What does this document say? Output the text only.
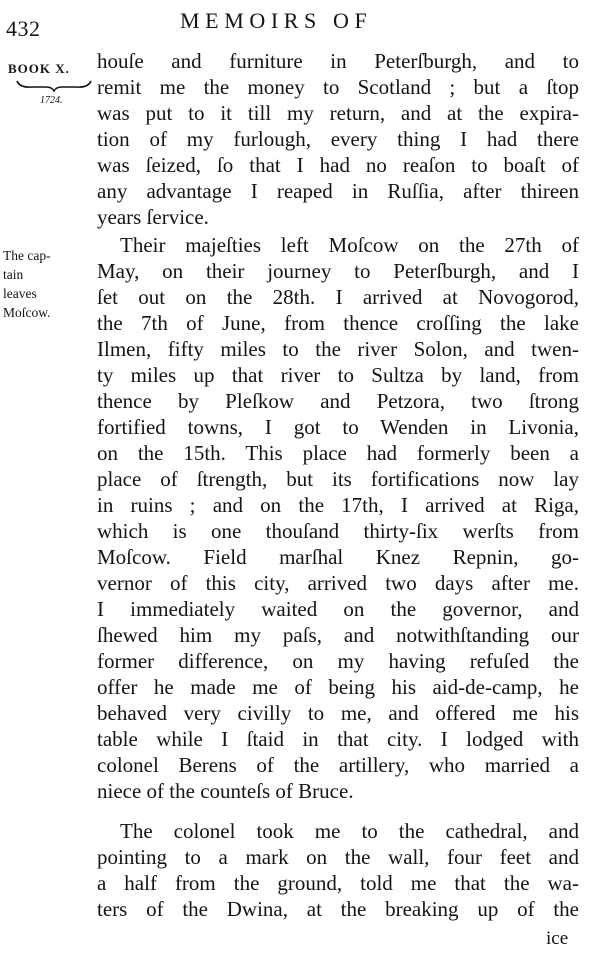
432	MEMOIRS OF
BOOK X.
1724.
The cap-
tain
leaves
Moſcow.
houſe and furniture in Peterſburgh, and to
remit me the money to Scotland ; but a ſtop
was put to it till my return, and at the expira-
tion of my furlough, every thing I had there
was ſeized, ſo that I had no reaſon to boaſt of
any advantage I reaped in Ruſſia, after thireen
years ſervice.
Their majeſties left Moſcow on the 27th of
May, on their journey to Peterſburgh, and I
ſet out on the 28th. I arrived at Novogorod,
the 7th of June, from thence croſſing the lake
Ilmen, fifty miles to the river Solon, and twen-
ty miles up that river to Sultza by land, from
thence by Pleſkow and Petzora, two ſtrong
fortified towns, I got to Wenden in Livonia,
on the 15th. This place had formerly been a
place of ſtrength, but its fortifications now lay
in ruins ; and on the 17th, I arrived at Riga,
which is one thouſand thirty-ſix werſts from
Moſcow. Field marſhal Knez Repnin, go-
vernor of this city, arrived two days after me.
I immediately waited on the governor, and
ſhewed him my paſs, and notwithſtanding our
former difference, on my having refuſed the
offer he made me of being his aid-de-camp, he
behaved very civilly to me, and offered me his
table while I ſtaid in that city. I lodged with
colonel Berens of the artillery, who married a
niece of the counteſs of Bruce.
The colonel took me to the cathedral, and
pointing to a mark on the wall, four feet and
a half from the ground, told me that the wa-
ters of the Dwina, at the breaking up of the
ice
